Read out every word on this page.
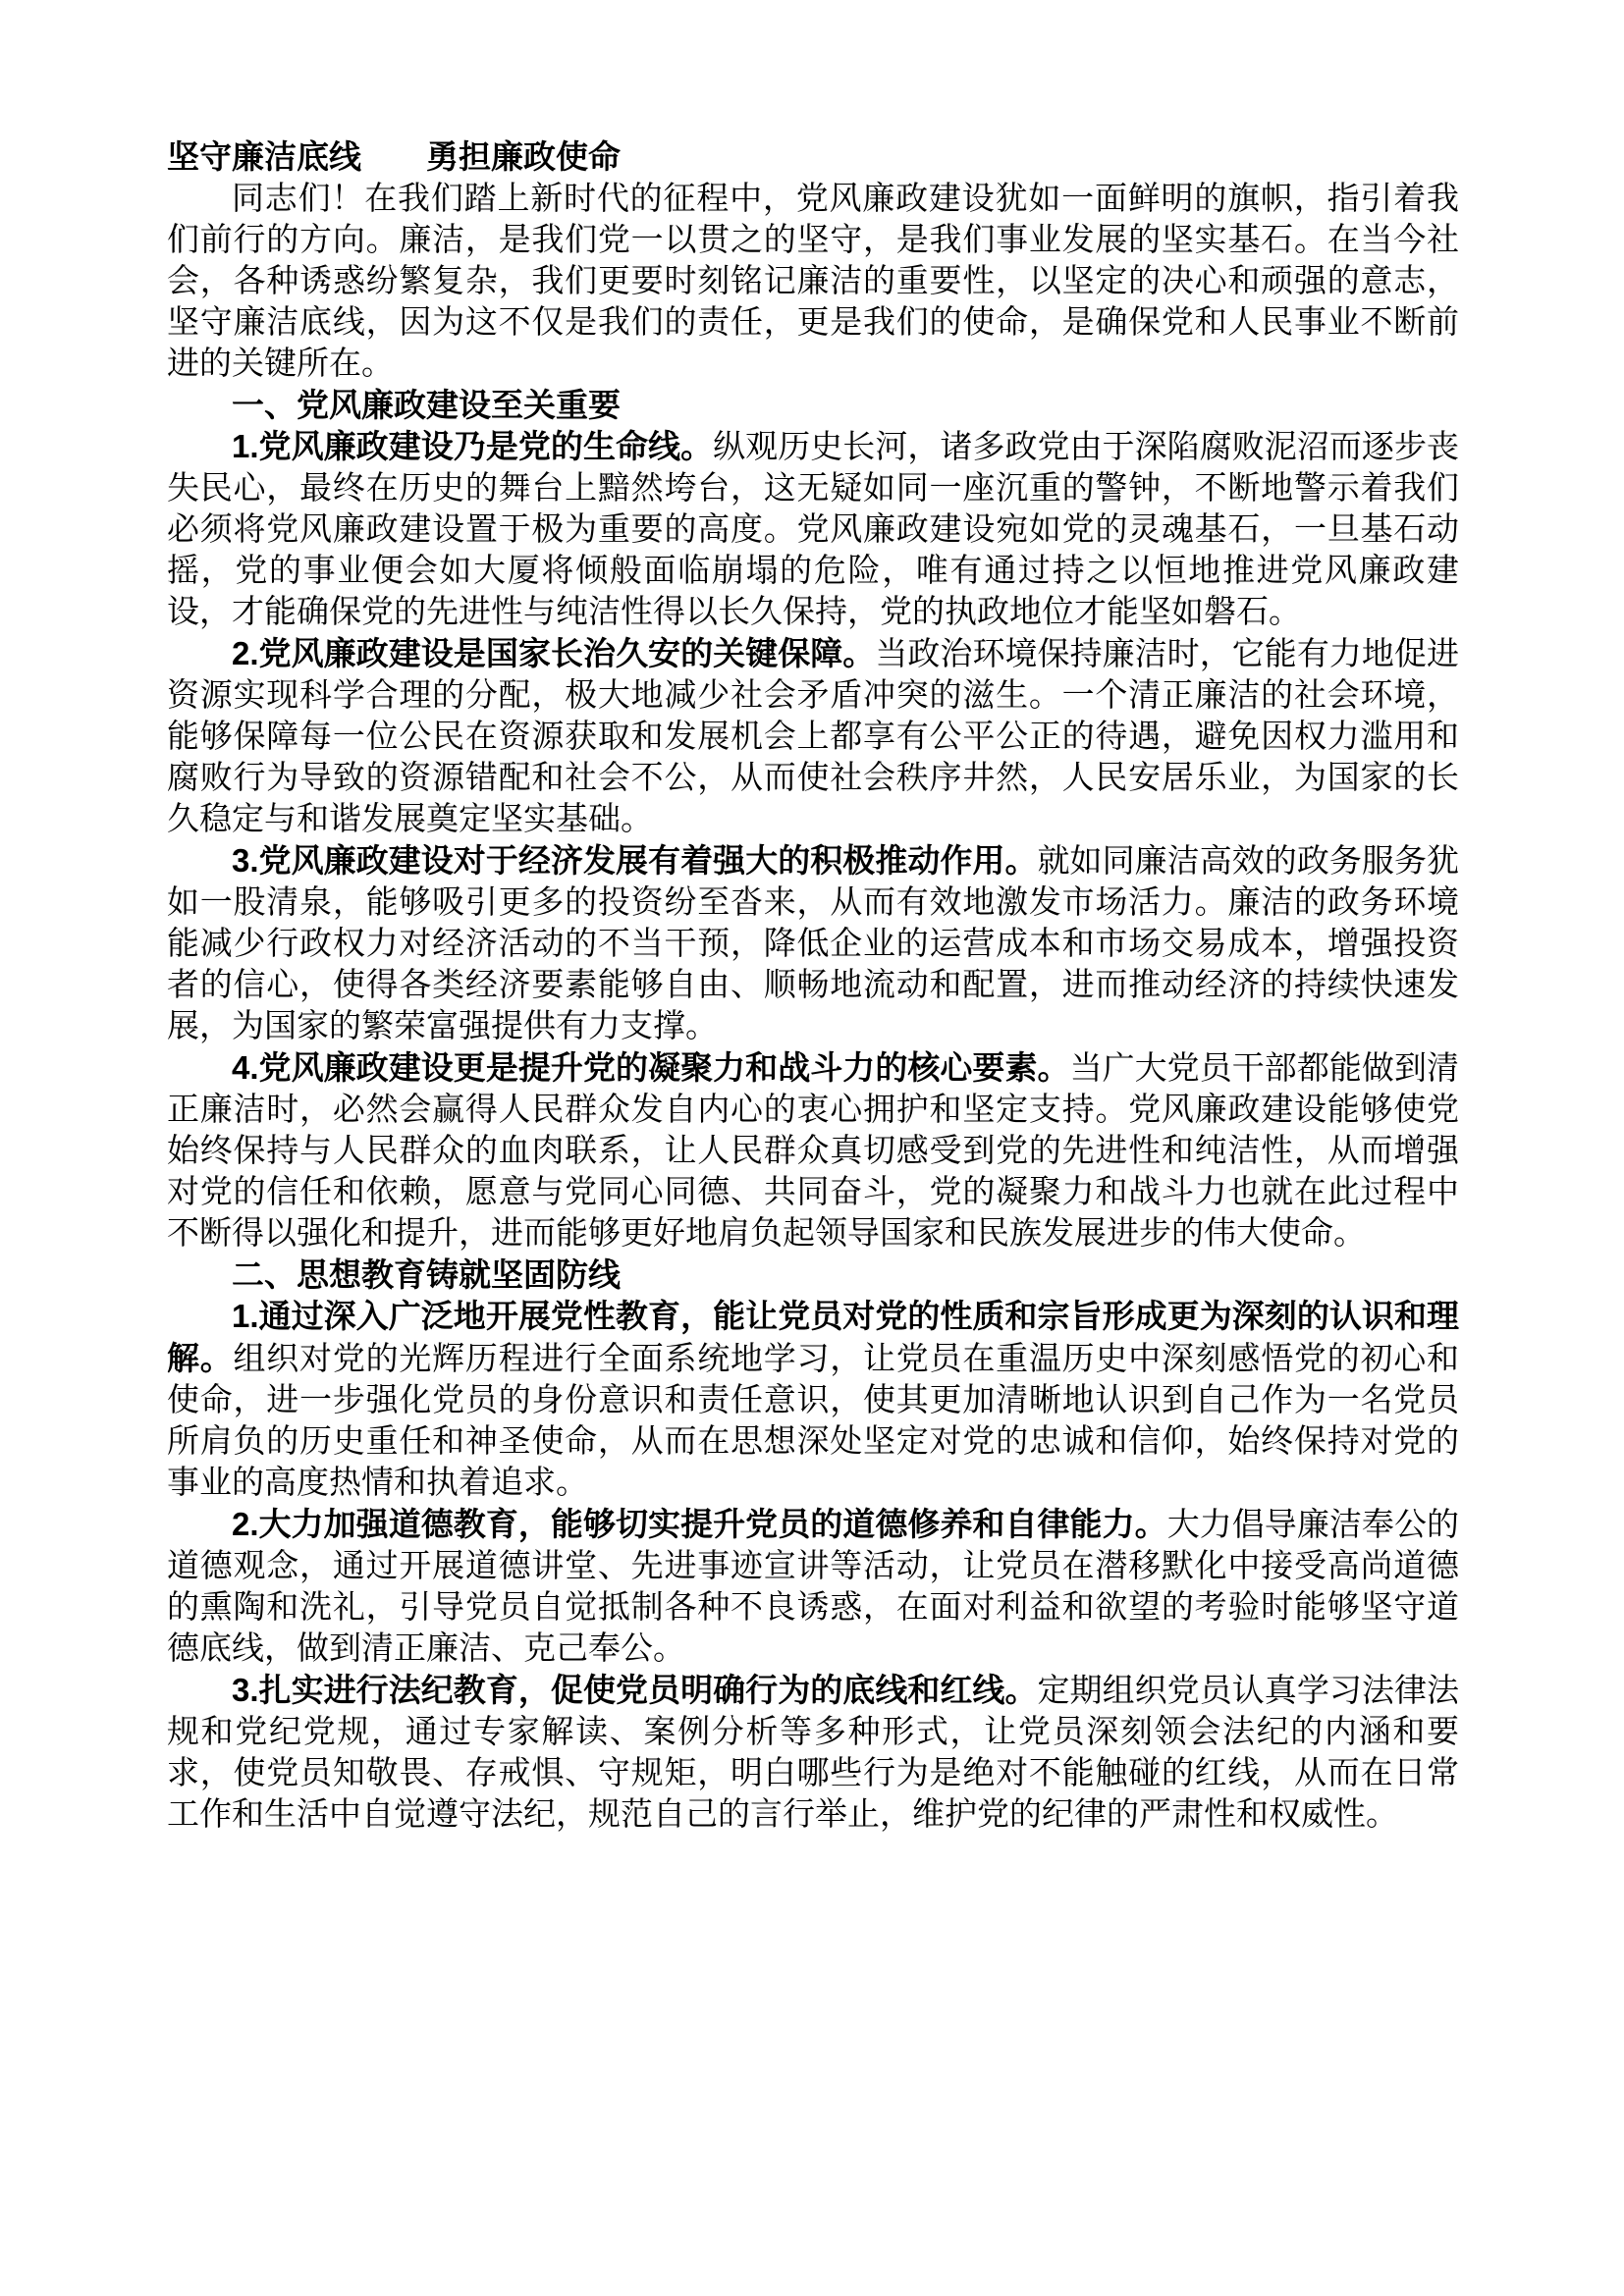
坚守廉洁底线　　勇担廉政使命

同志们！在我们踏上新时代的征程中，党风廉政建设犹如一面鲜明的旗帜，指引着我们前行的方向。廉洁，是我们党一以贯之的坚守，是我们事业发展的坚实基石。在当今社会，各种诱惑纷繁复杂，我们更要时刻铭记廉洁的重要性，以坚定的决心和顽强的意志，坚守廉洁底线，因为这不仅是我们的责任，更是我们的使命，是确保党和人民事业不断前进的关键所在。

一、党风廉政建设至关重要

1.党风廉政建设乃是党的生命线。纵观历史长河，诸多政党由于深陷腐败泥沼而逐步丧失民心，最终在历史的舞台上黯然垮台，这无疑如同一座沉重的警钟，不断地警示着我们必须将党风廉政建设置于极为重要的高度。党风廉政建设宛如党的灵魂基石，一旦基石动摇，党的事业便会如大厦将倾般面临崩塌的危险，唯有通过持之以恒地推进党风廉政建设，才能确保党的先进性与纯洁性得以长久保持，党的执政地位才能坚如磐石。

2.党风廉政建设是国家长治久安的关键保障。当政治环境保持廉洁时，它能有力地促进资源实现科学合理的分配，极大地减少社会矛盾冲突的滋生。一个清正廉洁的社会环境，能够保障每一位公民在资源获取和发展机会上都享有公平公正的待遇，避免因权力滥用和腐败行为导致的资源错配和社会不公，从而使社会秩序井然，人民安居乐业，为国家的长久稳定与和谐发展奠定坚实基础。

3.党风廉政建设对于经济发展有着强大的积极推动作用。就如同廉洁高效的政务服务犹如一股清泉，能够吸引更多的投资纷至沓来，从而有效地激发市场活力。廉洁的政务环境能减少行政权力对经济活动的不当干预，降低企业的运营成本和市场交易成本，增强投资者的信心，使得各类经济要素能够自由、顺畅地流动和配置，进而推动经济的持续快速发展，为国家的繁荣富强提供有力支撑。

4.党风廉政建设更是提升党的凝聚力和战斗力的核心要素。当广大党员干部都能做到清正廉洁时，必然会赢得人民群众发自内心的衷心拥护和坚定支持。党风廉政建设能够使党始终保持与人民群众的血肉联系，让人民群众真切感受到党的先进性和纯洁性，从而增强对党的信任和依赖，愿意与党同心同德、共同奋斗，党的凝聚力和战斗力也就在此过程中不断得以强化和提升，进而能够更好地肩负起领导国家和民族发展进步的伟大使命。

二、思想教育铸就坚固防线

1.通过深入广泛地开展党性教育，能让党员对党的性质和宗旨形成更为深刻的认识和理解。组织对党的光辉历程进行全面系统地学习，让党员在重温历史中深刻感悟党的初心和使命，进一步强化党员的身份意识和责任意识，使其更加清晰地认识到自己作为一名党员所肩负的历史重任和神圣使命，从而在思想深处坚定对党的忠诚和信仰，始终保持对党的事业的高度热情和执着追求。

2.大力加强道德教育，能够切实提升党员的道德修养和自律能力。大力倡导廉洁奉公的道德观念，通过开展道德讲堂、先进事迹宣讲等活动，让党员在潜移默化中接受高尚道德的熏陶和洗礼，引导党员自觉抵制各种不良诱惑，在面对利益和欲望的考验时能够坚守道德底线，做到清正廉洁、克己奉公。

3.扎实进行法纪教育，促使党员明确行为的底线和红线。定期组织党员认真学习法律法规和党纪党规，通过专家解读、案例分析等多种形式，让党员深刻领会法纪的内涵和要求，使党员知敬畏、存戒惧、守规矩，明白哪些行为是绝对不能触碰的红线，从而在日常工作和生活中自觉遵守法纪，规范自己的言行举止，维护党的纪律的严肃性和权威性。
